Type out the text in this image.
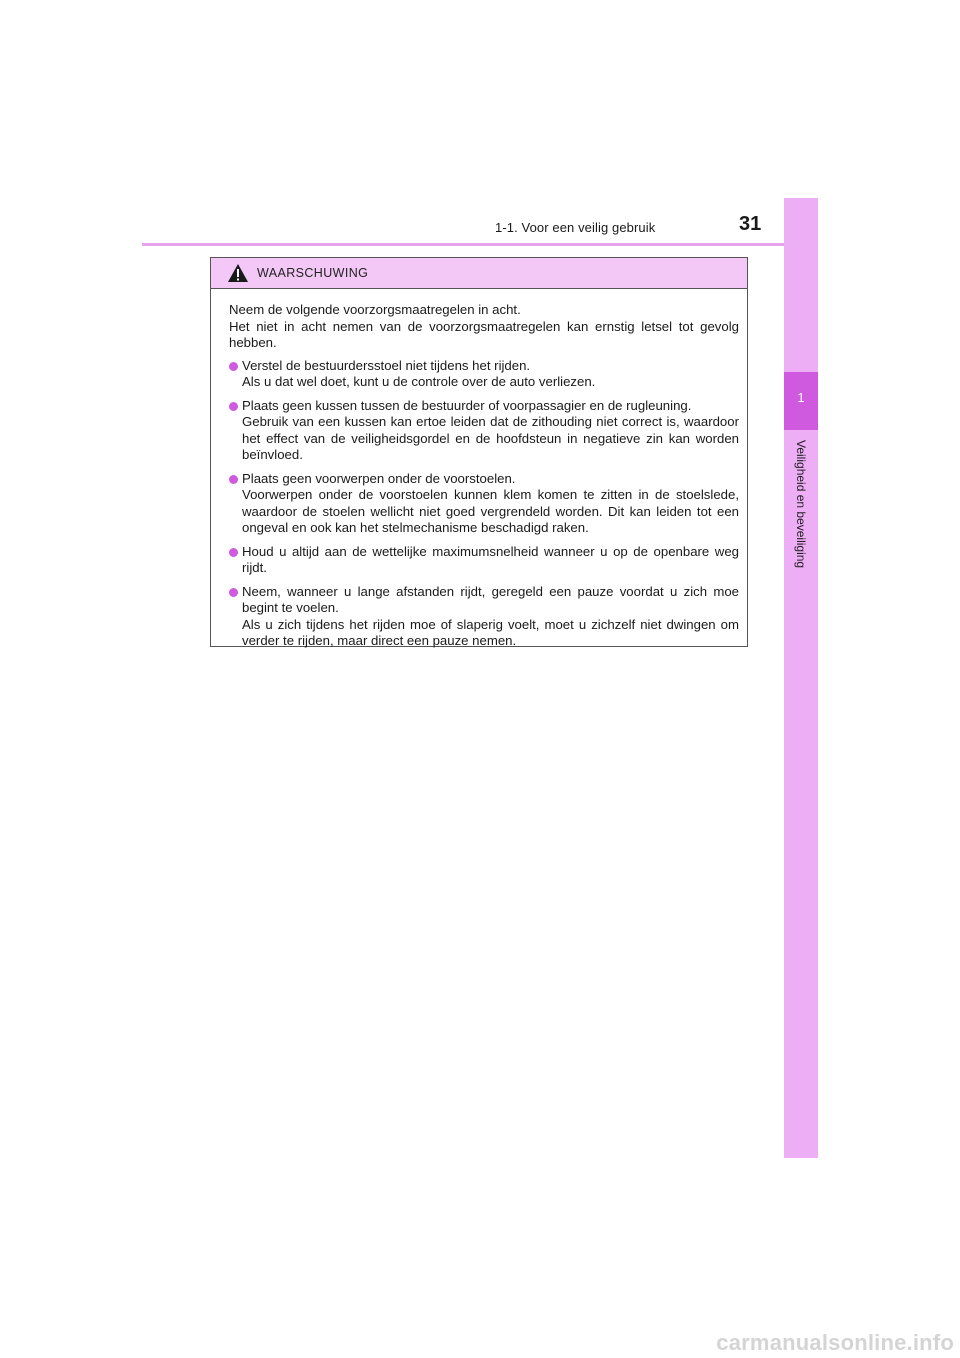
1-1. Voor een veilig gebruik	31
1
Veiligheid en beveiliging
WAARSCHUWING

Neem de volgende voorzorgsmaatregelen in acht.

Het niet in acht nemen van de voorzorgsmaatregelen kan ernstig letsel tot gevolg hebben.

Verstel de bestuurdersstoel niet tijdens het rijden.

Als u dat wel doet, kunt u de controle over de auto verliezen.

Plaats geen kussen tussen de bestuurder of voorpassagier en de rugleuning.

Gebruik van een kussen kan ertoe leiden dat de zithouding niet correct is, waardoor het effect van de veiligheidsgordel en de hoofdsteun in negatieve zin kan worden beïnvloed.

Plaats geen voorwerpen onder de voorstoelen.

Voorwerpen onder de voorstoelen kunnen klem komen te zitten in de stoelslede, waardoor de stoelen wellicht niet goed vergrendeld worden. Dit kan leiden tot een ongeval en ook kan het stelmechanisme beschadigd raken.

Houd u altijd aan de wettelijke maximumsnelheid wanneer u op de openbare weg rijdt.

Neem, wanneer u lange afstanden rijdt, geregeld een pauze voordat u zich moe begint te voelen.

Als u zich tijdens het rijden moe of slaperig voelt, moet u zichzelf niet dwingen om verder te rijden, maar direct een pauze nemen.

carmanualsonline.info
